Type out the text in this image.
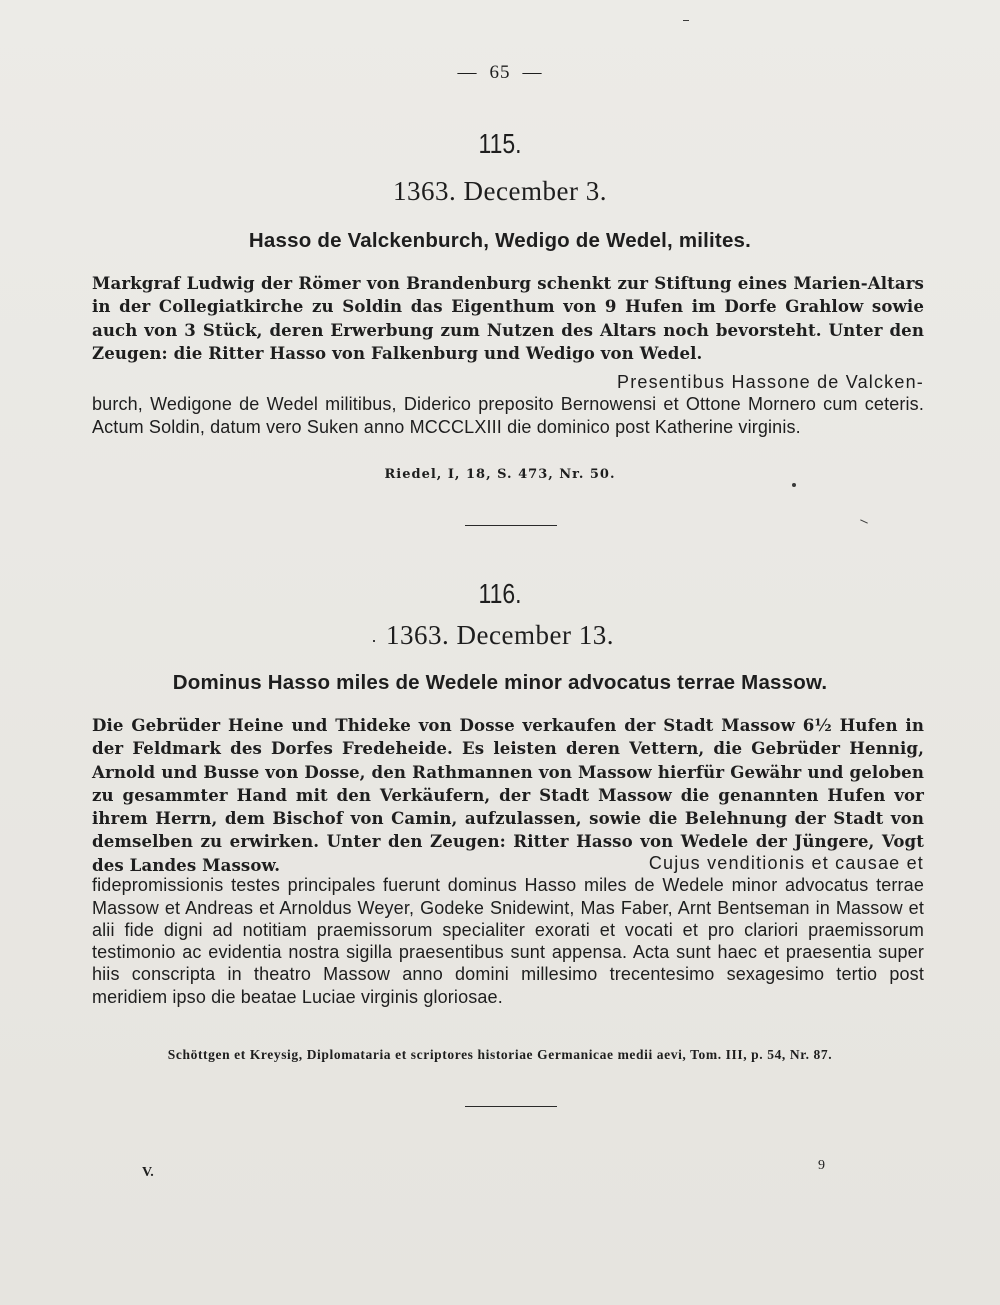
— 65 —
115.
1363. December 3.
Hasso de Valckenburch, Wedigo de Wedel, milites.
Markgraf Ludwig der Römer von Brandenburg schenkt zur Stiftung eines Marien-Altars in der Collegiatkirche zu Soldin das Eigenthum von 9 Hufen im Dorfe Grahlow sowie auch von 3 Stück, deren Erwerbung zum Nutzen des Altars noch bevorsteht. Unter den Zeugen: die Ritter Hasso von Falkenburg und Wedigo von Wedel.
Presentibus Hassone de Valcken-
burch, Wedigone de Wedel militibus, Diderico preposito Bernowensi et Ottone Mornero cum ceteris. Actum Soldin, datum vero Suken anno MCCCLXIII die dominico post Katherine virginis.
Riedel, I, 18, S. 473, Nr. 50.
116.
1363. December 13.
Dominus Hasso miles de Wedele minor advocatus terrae Massow.
Die Gebrüder Heine und Thideke von Dosse verkaufen der Stadt Massow 6½ Hufen in der Feldmark des Dorfes Fredeheide. Es leisten deren Vettern, die Gebrüder Hennig, Arnold und Busse von Dosse, den Rathmannen von Massow hierfür Gewähr und geloben zu gesammter Hand mit den Verkäufern, der Stadt Massow die genannten Hufen vor ihrem Herrn, dem Bischof von Camin, aufzulassen, sowie die Belehnung der Stadt von demselben zu erwirken. Unter den Zeugen: Ritter Hasso von Wedele der Jüngere, Vogt des Landes Massow.	Cujus venditionis et causae et
fidepromissionis testes principales fuerunt dominus Hasso miles de Wedele minor advocatus terrae Massow et Andreas et Arnoldus Weyer, Godeke Snidewint, Mas Faber, Arnt Bentseman in Massow et alii fide digni ad notitiam praemissorum specialiter exorati et vocati et pro clariori praemissorum testimonio ac evidentia nostra sigilla praesentibus sunt appensa. Acta sunt haec et praesentia super hiis conscripta in theatro Massow anno domini millesimo trecentesimo sexagesimo tertio post meridiem ipso die beatae Luciae virginis gloriosae.
Schöttgen et Kreysig, Diplomataria et scriptores historiae Germanicae medii aevi, Tom. III, p. 54, Nr. 87.
V.	9
